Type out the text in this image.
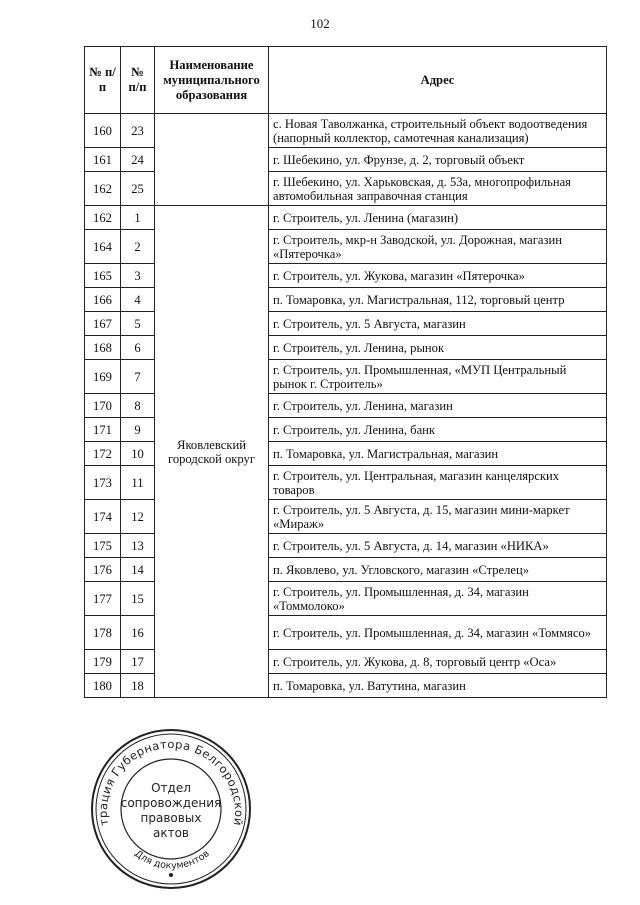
102
№ п/п	№ п/п	Наименование муниципального образования	Адрес
160	23		с. Новая Таволжанка, строительный объект водоотведения (напорный коллектор, самотечная канализация)
161	24		г. Шебекино, ул. Фрунзе, д. 2, торговый объект
162	25		г. Шебекино, ул. Харьковская, д. 53а, многопрофильная автомобильная заправочная станция
162	1	Яковлевский городской округ	г. Строитель, ул. Ленина (магазин)
164	2		г. Строитель, мкр-н Заводской, ул. Дорожная, магазин «Пятерочка»
165	3		г. Строитель, ул. Жукова, магазин «Пятерочка»
166	4		п. Томаровка, ул. Магистральная, 112, торговый центр
167	5		г. Строитель, ул. 5 Августа, магазин
168	6		г. Строитель, ул. Ленина, рынок
169	7		г. Строитель, ул. Промышленная, «МУП Центральный рынок г. Строитель»
170	8		г. Строитель, ул. Ленина, магазин
171	9		г. Строитель, ул. Ленина, банк
172	10		п. Томаровка, ул. Магистральная, магазин
173	11		г. Строитель, ул. Центральная, магазин канцелярских товаров
174	12		г. Строитель, ул. 5 Августа, д. 15, магазин мини-маркет «Мираж»
175	13		г. Строитель, ул. 5 Августа, д. 14, магазин «НИКА»
176	14		п. Яковлево, ул. Угловского, магазин «Стрелец»
177	15		г. Строитель, ул. Промышленная, д. 34, магазин «Томмолоко»
178	16		г. Строитель, ул. Промышленная, д. 34, магазин «Томмясо»
179	17		г. Строитель, ул. Жукова, д. 8, торговый центр «Оса»
180	18		п. Томаровка, ул. Ватутина, магазин
трация Губернатора Белгородской
Для документов
Отдел
сопровождения
правовых
актов
